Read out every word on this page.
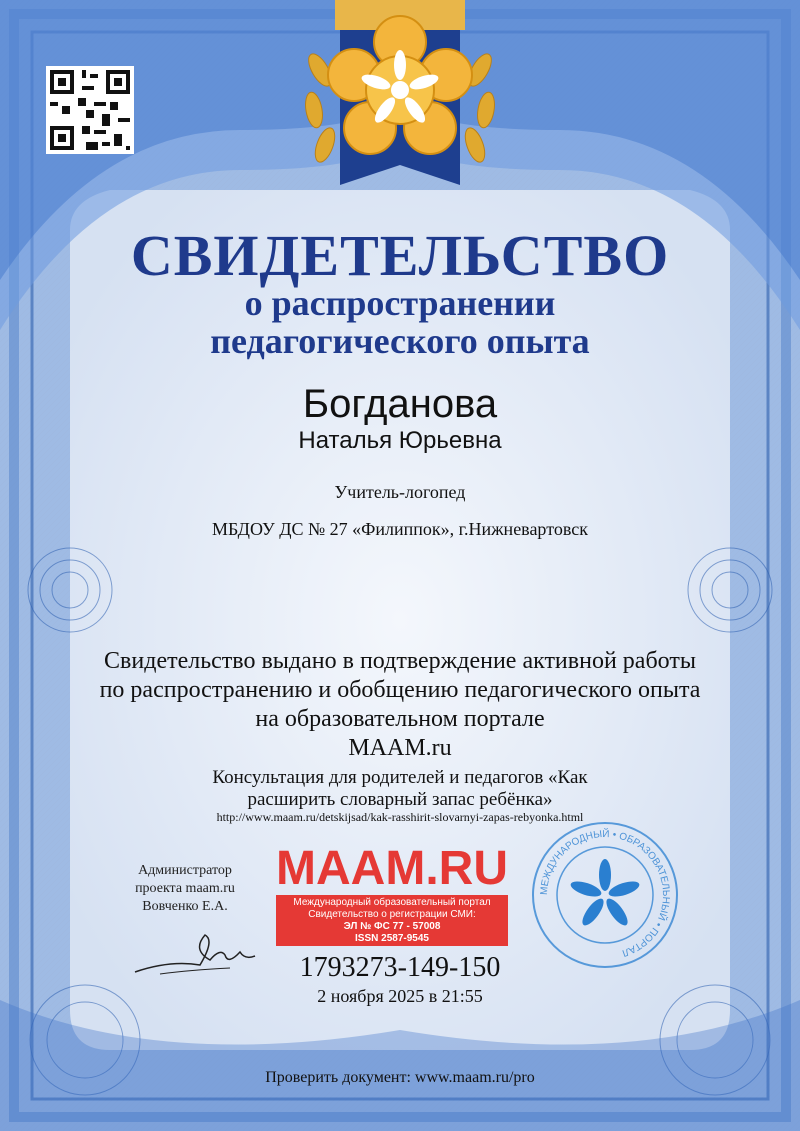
СВИДЕТЕЛЬСТВО
о распространении
педагогического опыта
Богданова
Наталья Юрьевна
Учитель-логопед
МБДОУ ДС № 27 «Филиппок», г.Нижневартовск
Свидетельство выдано в подтверждение активной работы
по распространению и обобщению педагогического опыта
на образовательном портале
MAAM.ru
Консультация для родителей и педагогов «Как расширить словарный запас ребёнка»
http://www.maam.ru/detskijsad/kak-rasshirit-slovarnyi-zapas-rebyonka.html
Администратор
проекта maam.ru
Вовченко Е.А.
MAAM.RU
Международный образовательный портал
Свидетельство о регистрации СМИ:
ЭЛ № ФС 77 - 57008
ISSN 2587-9545
МЕЖДУНАРОДНЫЙ • ОБРАЗОВАТЕЛЬНЫЙ • ПОРТАЛ
1793273-149-150
2 ноября 2025 в 21:55
Проверить документ: www.maam.ru/pro
